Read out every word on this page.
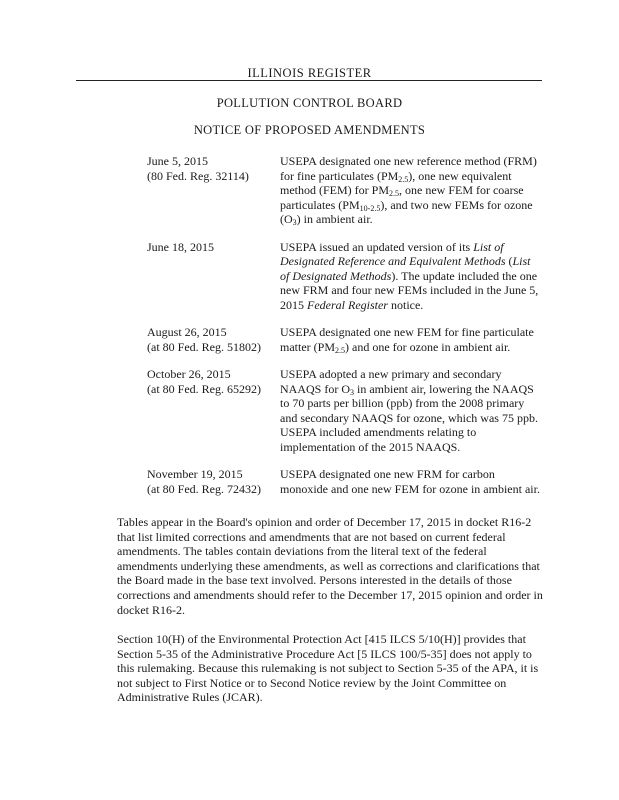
ILLINOIS REGISTER
POLLUTION CONTROL BOARD
NOTICE OF PROPOSED AMENDMENTS
June 5, 2015
(80 Fed. Reg. 32114)
USEPA designated one new reference method (FRM) for fine particulates $(PM_{2.5})$, one new equivalent method (FEM) for $PM_{2.5}$, one new FEM for coarse particulates $(PM_{10-2.5})$, and two new FEMs for ozone $(O_3)$ in ambient air.
June 18, 2015	USEPA issued an updated version of its List of Designated Reference and Equivalent Methods (List of Designated Methods). The update included the one new FRM and four new FEMs included in the June 5, 2015 Federal Register notice.
August 26, 2015
(at 80 Fed. Reg. 51802)
USEPA designated one new FEM for fine particulate matter $(PM_{2.5})$ and one for ozone in ambient air.
October 26, 2015
(at 80 Fed. Reg. 65292)
USEPA adopted a new primary and secondary NAAQS for $O_3$ in ambient air, lowering the NAAQS to 70 parts per billion (ppb) from the 2008 primary and secondary NAAQS for ozone, which was 75 ppb. USEPA included amendments relating to implementation of the 2015 NAAQS.
November 19, 2015
(at 80 Fed. Reg. 72432)
USEPA designated one new FRM for carbon monoxide and one new FEM for ozone in ambient air.
Tables appear in the Board's opinion and order of December 17, 2015 in docket R16-2 that list limited corrections and amendments that are not based on current federal amendments. The tables contain deviations from the literal text of the federal amendments underlying these amendments, as well as corrections and clarifications that the Board made in the base text involved. Persons interested in the details of those corrections and amendments should refer to the December 17, 2015 opinion and order in docket R16-2.
Section 10(H) of the Environmental Protection Act [415 ILCS 5/10(H)] provides that Section 5-35 of the Administrative Procedure Act [5 ILCS 100/5-35] does not apply to this rulemaking. Because this rulemaking is not subject to Section 5-35 of the APA, it is not subject to First Notice or to Second Notice review by the Joint Committee on Administrative Rules (JCAR).
